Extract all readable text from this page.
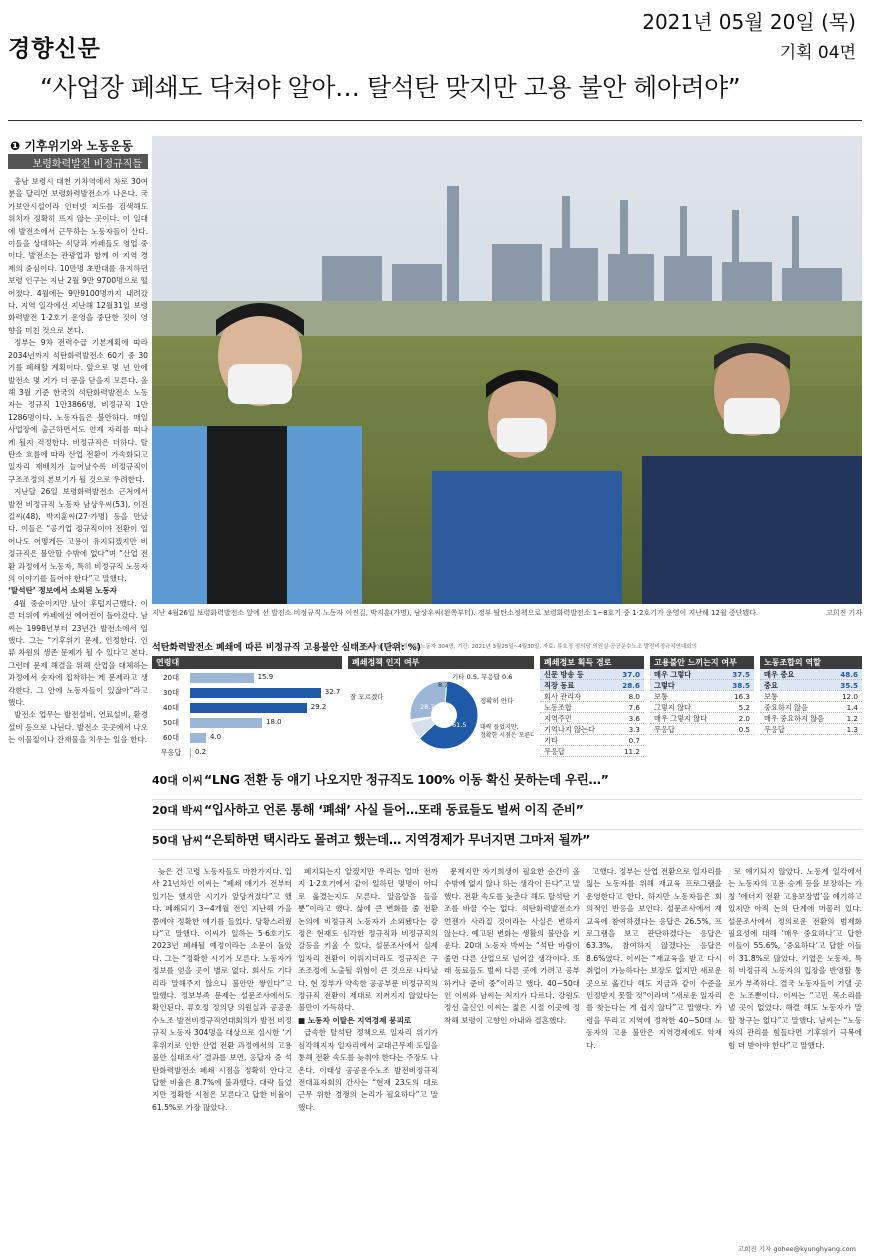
경향신문
2021년 05월 20일 (목)
기획 04면
“사업장 폐쇄도 닥쳐야 알아… 탈석탄 맞지만 고용 불안 헤아려야”
❶ 기후위기와 노동운동
보령화력발전 비정규직들

충남 보령시 대천 기차역에서 차로 30여분을 달리면 보령화력발전소가 나온다. 국가보안시설이라 인터넷 지도를 검색해도 위치가 정확히 뜨지 않는 곳이다. 이 일대에 발전소에서 근무하는 노동자들이 산다. 이들을 상대하는 식당과 카페들도 영업 중이다. 발전소는 관광업과 함께 이 지역 경제의 중심이다. 10만명 초반대를 유지하던 보령 인구는 지난 2월 9만 9700명으로 떨어졌다. 4월에는 9만9100명까지 내려갔다. 지역 일각에선 지난해 12월31일 보령화력발전 1·2호기 운영을 중단한 것이 영향을 미친 것으로 본다.

정부는 9차 전력수급 기본계획에 따라 2034년까지 석탄화력발전소 60기 중 30기를 폐쇄할 계획이다. 앞으로 몇 년 안에 발전소 몇 기가 더 문을 닫을지 모른다. 올해 3월 기준 한국의 석탄화력발전소 노동자는 정규직 1만3866명, 비정규직 1만1286명이다. 노동자들은 불안하다. 매일 사업장에 출근하면서도 언제 자리를 떠나게 될지 걱정한다. 비정규직은 더하다. 탈탄소 흐름에 따라 산업 전환이 가속화되고 일자리 재배치가 늘어날수록 비정규직이 구조조정의 본보기가 될 것으로 우려한다.

지난달 26일 보령화력발전소 근처에서 발전 비정규직 노동자 남상우씨(53), 이진길씨(48), 박지훈씨(27·가명) 등을 만났다. 이들은 “공기업 정규직이야 전환이 일어나도 어떻게든 고용이 유지되겠지만 비정규직은 불안할 수밖에 없다”며 “산업 전환 과정에서 노동자, 특히 비정규직 노동자의 이야기를 들어야 한다”고 말했다.

‘탈석탄’ 정보에서 소외된 노동자

4월 중순이지만 날이 후텁지근했다. 이른 더위에 카페에선 에어컨이 돌아갔다. 남씨는 1998년부터 23년간 발전소에서 일했다. 그는 “기후위기 문제, 인정한다. 인류 차원의 생존 문제가 될 수 있다고 본다. 그런데 문제 해결을 위해 산업을 대체하는 과정에서 숫자에 집착하는 게 문제라고 생각한다. 그 안에 노동자들이 있잖아”라고 했다.

발전소 업무는 발전설비, 연료설비, 환경설비 등으로 나뉜다. 발전소 곳곳에서 나오는 이물질이나 잔재물을 치우는 일을 한다.

지난 4월26일 보령화력발전소 앞에 선 발전소 비정규직 노동자 이진길, 박지훈(가명), 남상우씨(왼쪽부터). 정부 탈탄소정책으로 보령화력발전소 1~8호기 중 1·2호기가 운영이 지난해 12월 중단됐다.	고희진 기자
석탄화력발전소 폐쇄에 따른 비정규직 고용불안 실태조사 (단위: %)
설문대상: 발전 비정규직 노동자 304명, 기간: 2021년 3월25일~4월30일, 자료: 류호정 정의당 의원실·공공운수노조 발전비정규직연대회의
연령대
20대	15.9
30대	32.7
40대	29.2
50대	18.0
60대	4.0
무응답	0.2
폐쇄정책 인지 여부
28.7
61.5
8.7
잘 모르겠다	정확히 안다
기타 0.5, 무응답 0.6
대략 들었지만, 정확한 시점은 모른다
폐쇄정보 획득 경로
신문 방송 등	37.0
직장 동료	28.6
회사 관리자	8.0
노동조합	7.6
지역주민	3.6
기억나지 않는다	3.3
기타	0.7
무응답	11.2
고용불안 느끼는지 여부
매우 그렇다	37.5
그렇다	38.5
보통	16.3
그렇지 않다	5.2
매우 그렇지 않다	2.0
무응답	0.5
노동조합의 역할
매우 중요	48.6
중요	35.5
보통	12.0
중요하지 않음	1.4
매우 중요하지 않음	1.2
무응답	1.3
40대 이씨 “LNG 전환 등 얘기 나오지만 정규직도 100% 이동 확신 못하는데 우린…”
20대 박씨 “입사하고 언론 통해 ‘폐쇄’ 사실 들어…또래 동료들도 벌써 이직 준비”
50대 남씨 “은퇴하면 택시라도 몰려고 했는데… 지역경제가 무너지면 그마저 될까”

늦은 건 고령 노동자들도 마찬가지다. 입사 21년차인 이씨는 “폐쇄 얘기가 전부터 있기는 했지만 시기가 앞당겨졌다”고 했다. 폐쇄되기 3~4개월 전인 지난해 가을쯤에야 정확한 얘기를 들었다. 당황스러웠다”고 말했다. 이씨가 일하는 5·6호기도 2023년 폐쇄될 예정이라는 소문이 돌았다. 그는 “정확한 시기가 모른다. 노동자가 정보를 얻을 곳이 별로 없다. 회사도 기다리라 말해주지 않으니 불안만 쌓인다”고 말했다. 정보부족 문제는 설문조사에서도 확인된다. 류호정 정의당 의원실과 공공운수노조 발전비정규직연대회의가 발전 비정규직 노동자 304명을 대상으로 실시한 ‘기후위기로 인한 산업 전환 과정에서의 고용불안 실태조사’ 결과를 보면, 응답자 중 석탄화력발전소 폐쇄 시점을 정확히 안다고 답한 비율은 8.7%에 불과했다. 대략 들었지만 정확한 시점은 모른다고 답한 비율이 61.5%로 가장 많았다.

폐지되는지 알겠지만 우리는 얼마 전까지 1·2호기에서 같이 일하던 몇명이 어디로 옮겼는지도 모른다. 알음알음 들을 뿐”이라고 했다. 삶에 큰 변화를 줄 전환 논의에 비정규직 노동자가 소외됐다는 감정은 현재도 심각한 정규직과 비정규직의 갈등을 키울 수 있다. 설문조사에서 실제 일자리 전환이 이뤄지더라도 정규직은 구조조정에 노출될 위험이 큰 것으로 나타났다. 현 정부가 약속한 공공부문 비정규직의 정규직 전환이 제대로 지켜지지 않았다는 불만이 가득하다.

■ 노동자 이탈은 지역경제 붕괴로

급속한 탈석탄 정책으로 일자리 위기가 심각해지자 일자리에서 교대근무제 도입을 통해 전환 속도를 늦춰야 한다는 주장도 나온다. 이태성 공공운수노조 발전비정규직전대표자회의 간사는 “현재 23도의 대로 근무 위한 경쟁의 논리가 필요하다”고 말했다.

문제지만 자기희생이 필요한 순간이 올 수밖에 없지 않나 하는 생각이 든다”고 말했다. 전환 속도를 늦춘다 해도 탈석탄 기조를 바꿀 수는 없다. 석탄화력발전소가 언젠가 사라질 것이라는 사실은 변하지 않는다. 예고된 변화는 생활의 불안을 키운다. 20대 노동자 박씨는 “석탄 바람이 줄면 다른 산업으로 넘어갈 생각이다. 또래 동료들도 벌써 다른 곳에 가려고 공부하거나 준비 중”이라고 했다. 40~50대인 이씨와 남씨는 처지가 다르다. 강원도 정선 출신인 이씨는 젊은 시절 이곳에 정착해 보령이 고향인 아내와 결혼했다.

고했다. 정부는 산업 전환으로 일자리를 잃는 노동자를 위해 재교육 프로그램을 운영한다고 한다. 하지만 노동자들은 회의적인 반응을 보인다. 설문조사에서 재교육에 참여하겠다는 응답은 26.5%, 프로그램을 보고 판단하겠다는 응답은 63.3%, 참여하지 않겠다는 응답은 8.6%였다. 이씨는 “재교육을 받고 다시 취업이 가능하다는 보장도 없지만 새로운 곳으로 옮긴다 해도 지금과 같이 수준을 인정받지 못할 것”이라며 “새로운 일자리를 찾는다는 게 쉽지 않다”고 말했다. 가령을 무리고 지역에 정착한 40~50대 노동자의 고용 불안은 지역경제에도 악재다.

로 얘기되지 않았다. 노동계 일각에서는 노동자의 고용 승계 등을 보장하는 가칭 ‘에너지 전환 고용보장법’을 얘기하고 있지만 아직 논의 단계에 머물러 있다. 설문조사에서 정의로운 전환의 범제화 필요성에 대해 ‘매우 중요하다’고 답한 이들이 55.6%, ‘중요하다’고 답한 이들이 31.8%로 많았다. 기업은 노동자, 특히 비정규직 노동자의 입장을 반영할 통로가 부족하다. 결국 노동자들이 기댈 곳은 노조뿐이다. 이씨는 “고민 목소리를 낼 곳이 없었다. 해결 해도 노동자가 말할 창구는 없다”고 말했다. 남씨는 “노동자의 관리를 힘들다면 기후위기 극복에 힘 더 받아야 한다”고 말했다.

고희진 기자 gohee@kyunghyang.com
